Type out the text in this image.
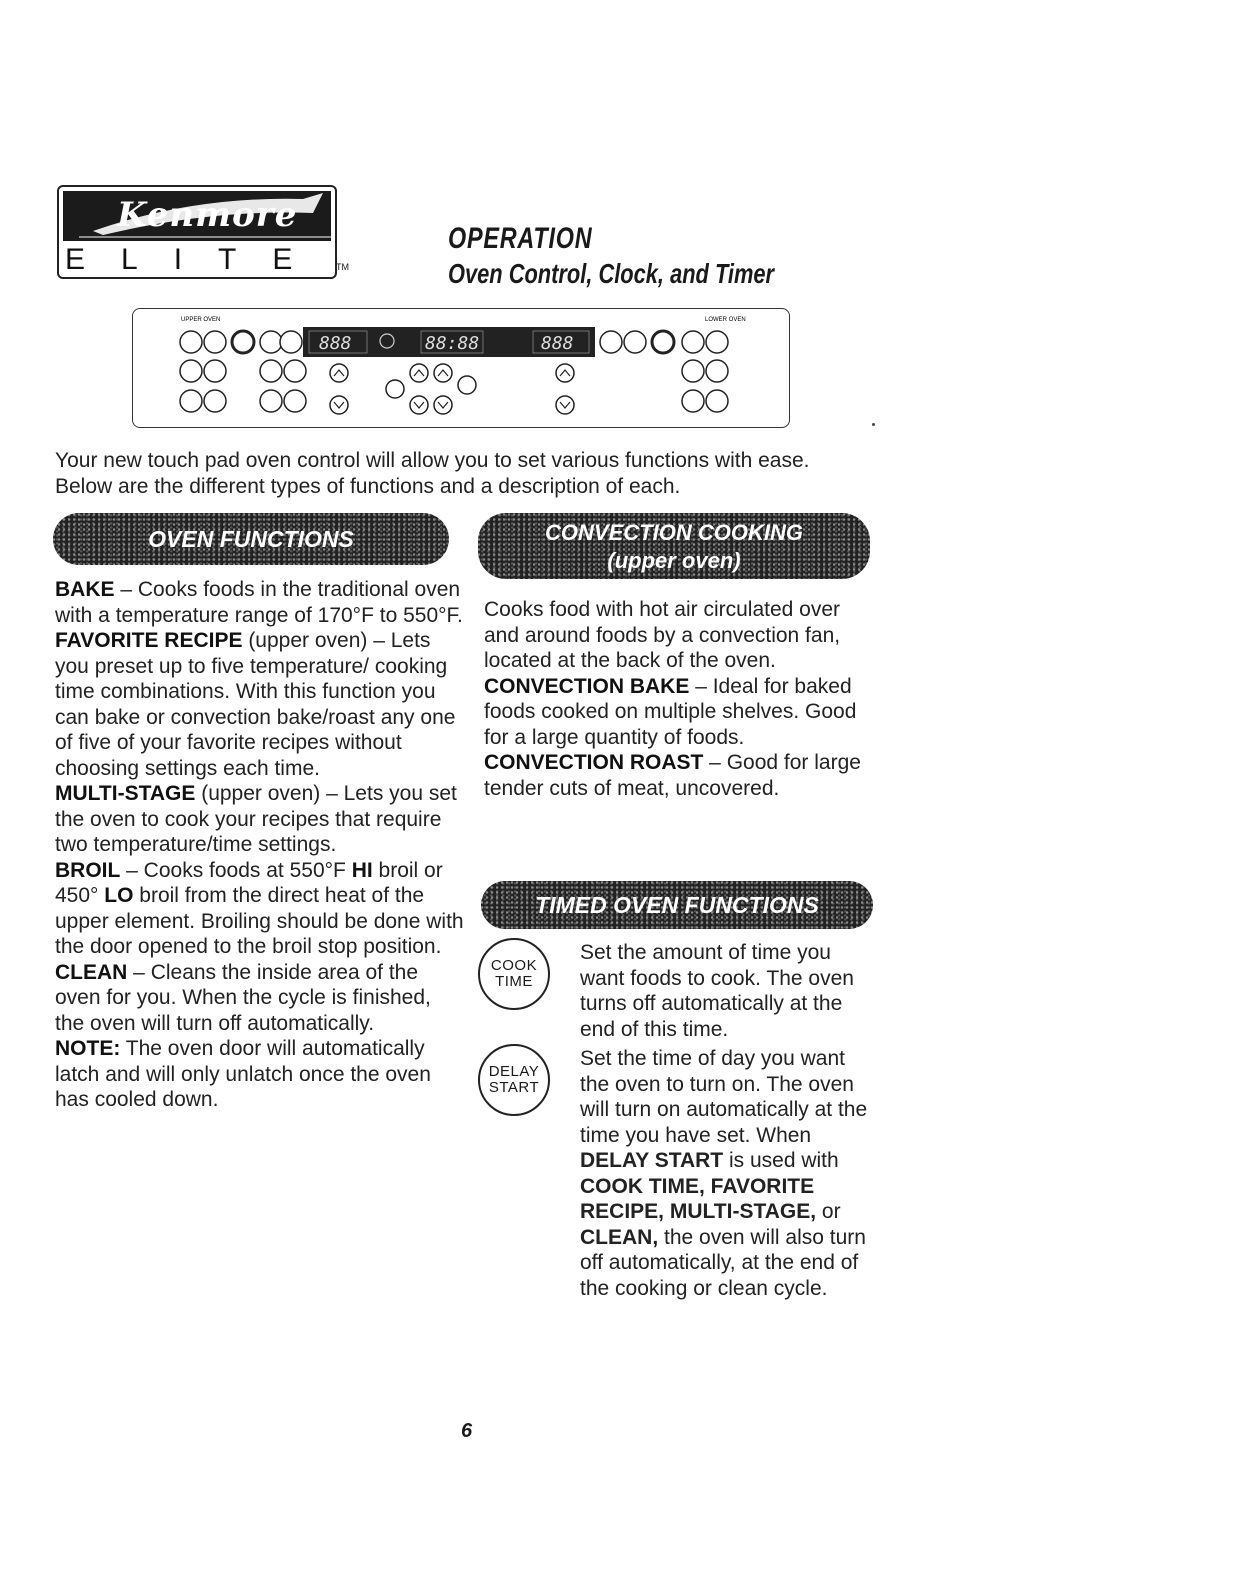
Kenmore
ELITE TM
OPERATION
Oven Control, Clock, and Timer
UPPER OVEN	LOWER OVEN
888	88:88	888
Your new touch pad oven control will allow you to set various functions with ease. Below are the different types of functions and a description of each.
OVEN FUNCTIONS
BAKE – Cooks foods in the traditional oven with a temperature range of 170°F to 550°F.
FAVORITE RECIPE (upper oven) – Lets you preset up to five temperature/ cooking time combinations. With this function you can bake or convection bake/roast any one of five of your favorite recipes without choosing settings each time.
MULTI-STAGE (upper oven) – Lets you set the oven to cook your recipes that require two temperature/time settings.
BROIL – Cooks foods at 550°F HI broil or 450° LO broil from the direct heat of the upper element. Broiling should be done with the door opened to the broil stop position.
CLEAN – Cleans the inside area of the oven for you. When the cycle is finished, the oven will turn off automatically.
NOTE: The oven door will automatically latch and will only unlatch once the oven has cooled down.
CONVECTION COOKING
(upper oven)
Cooks food with hot air circulated over and around foods by a convection fan, located at the back of the oven.
CONVECTION BAKE – Ideal for baked foods cooked on multiple shelves. Good for a large quantity of foods.
CONVECTION ROAST – Good for large tender cuts of meat, uncovered.
TIMED OVEN FUNCTIONS
COOK
TIME
Set the amount of time you want foods to cook. The oven turns off automatically at the end of this time.
DELAY
START
Set the time of day you want the oven to turn on. The oven will turn on automatically at the time you have set. When DELAY START is used with COOK TIME, FAVORITE RECIPE, MULTI-STAGE, or CLEAN, the oven will also turn off automatically, at the end of the cooking or clean cycle.
6
